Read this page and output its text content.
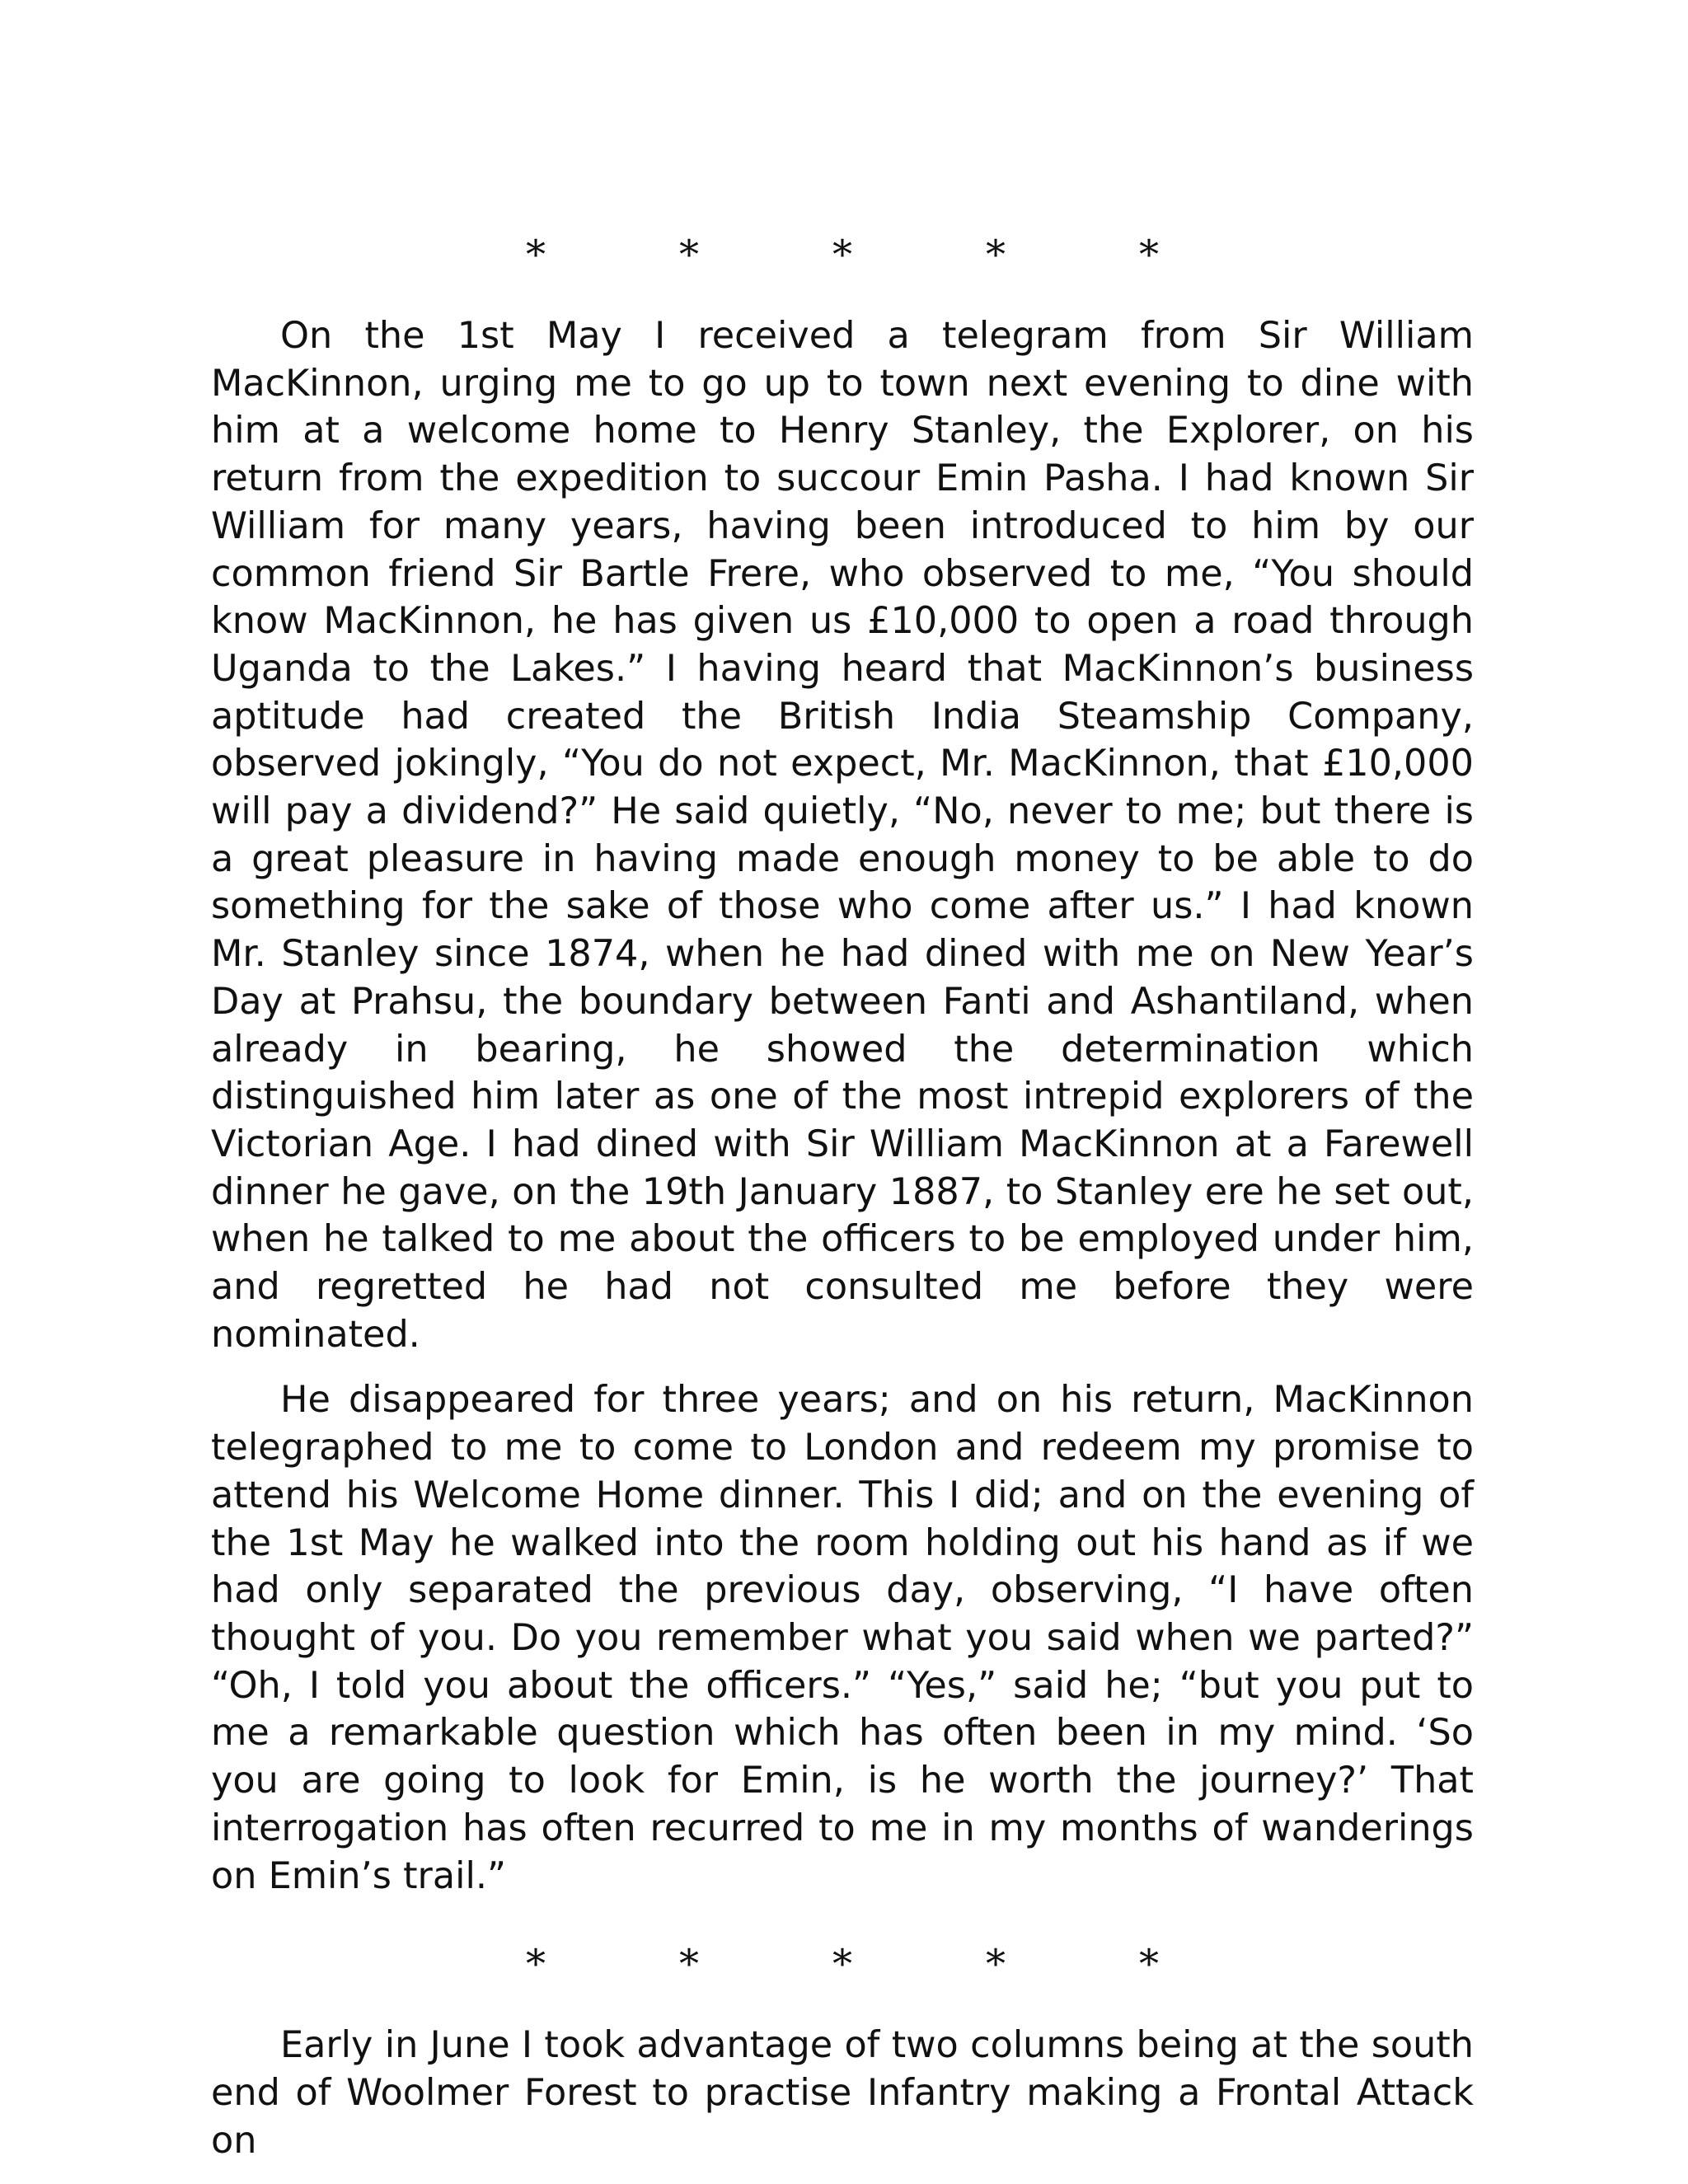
*	*	*	*	*

On the 1st May I received a telegram from Sir William MacKinnon, urging me to go up to town next evening to dine with him at a welcome home to Henry Stanley, the Explorer, on his return from the expedition to succour Emin Pasha. I had known Sir William for many years, having been introduced to him by our common friend Sir Bartle Frere, who observed to me, “You should know MacKinnon, he has given us £10,000 to open a road through Uganda to the Lakes.” I having heard that MacKinnon’s business aptitude had created the British India Steamship Company, observed jokingly, “You do not expect, Mr. MacKinnon, that £10,000 will pay a dividend?” He said quietly, “No, never to me; but there is a great pleasure in having made enough money to be able to do something for the sake of those who come after us.” I had known Mr. Stanley since 1874, when he had dined with me on New Year’s Day at Prahsu, the boundary between Fanti and Ashantiland, when already in bearing, he showed the determination which distinguished him later as one of the most intrepid explorers of the Victorian Age. I had dined with Sir William MacKinnon at a Farewell dinner he gave, on the 19th January 1887, to Stanley ere he set out, when he talked to me about the officers to be employed under him, and regretted he had not consulted me before they were nominated.

He disappeared for three years; and on his return, MacKinnon telegraphed to me to come to London and redeem my promise to attend his Welcome Home dinner. This I did; and on the evening of the 1st May he walked into the room holding out his hand as if we had only separated the previous day, observing, “I have often thought of you. Do you remember what you said when we parted?” “Oh, I told you about the officers.” “Yes,” said he; “but you put to me a remarkable question which has often been in my mind. ‘So you are going to look for Emin, is he worth the journey?’ That interrogation has often recurred to me in my months of wanderings on Emin’s trail.”

*	*	*	*	*

Early in June I took advantage of two columns being at the south end of Woolmer Forest to practise Infantry making a Frontal Attack on
